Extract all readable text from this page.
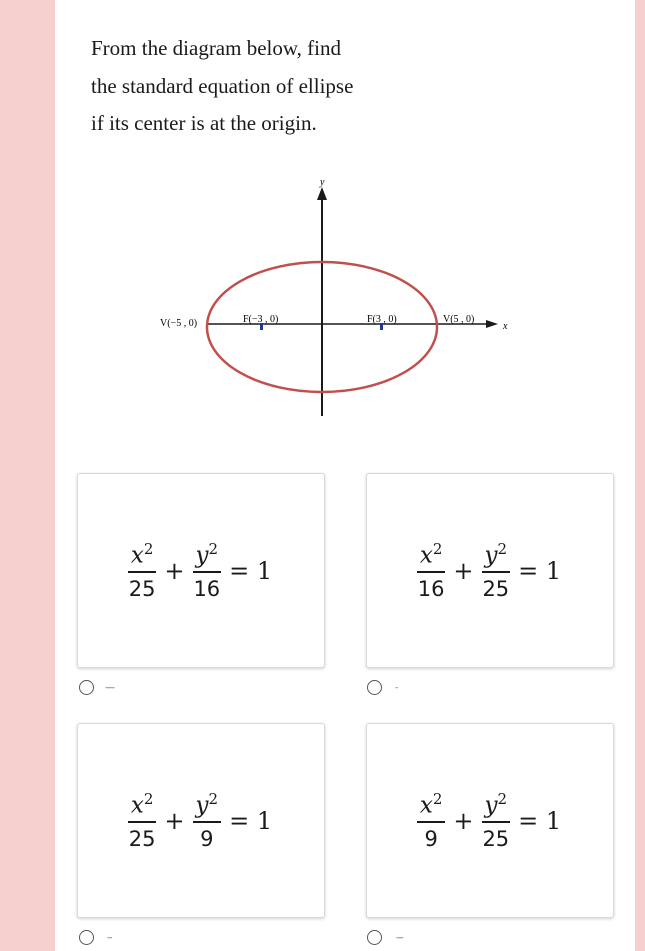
From the diagram below, find
the standard equation of ellipse
if its center is at the origin.
y
x
V(−5 , 0)	F(−3 , 0)	F(3 , 0)	V(5 , 0)
$\frac{x^2}{25} + \frac{y^2}{16} = 1$
----
$\frac{x^2}{16} + \frac{y^2}{25} = 1$
-
$\frac{x^2}{25} + \frac{y^2}{9} = 1$
--
$\frac{x^2}{9} + \frac{y^2}{25} = 1$
---
